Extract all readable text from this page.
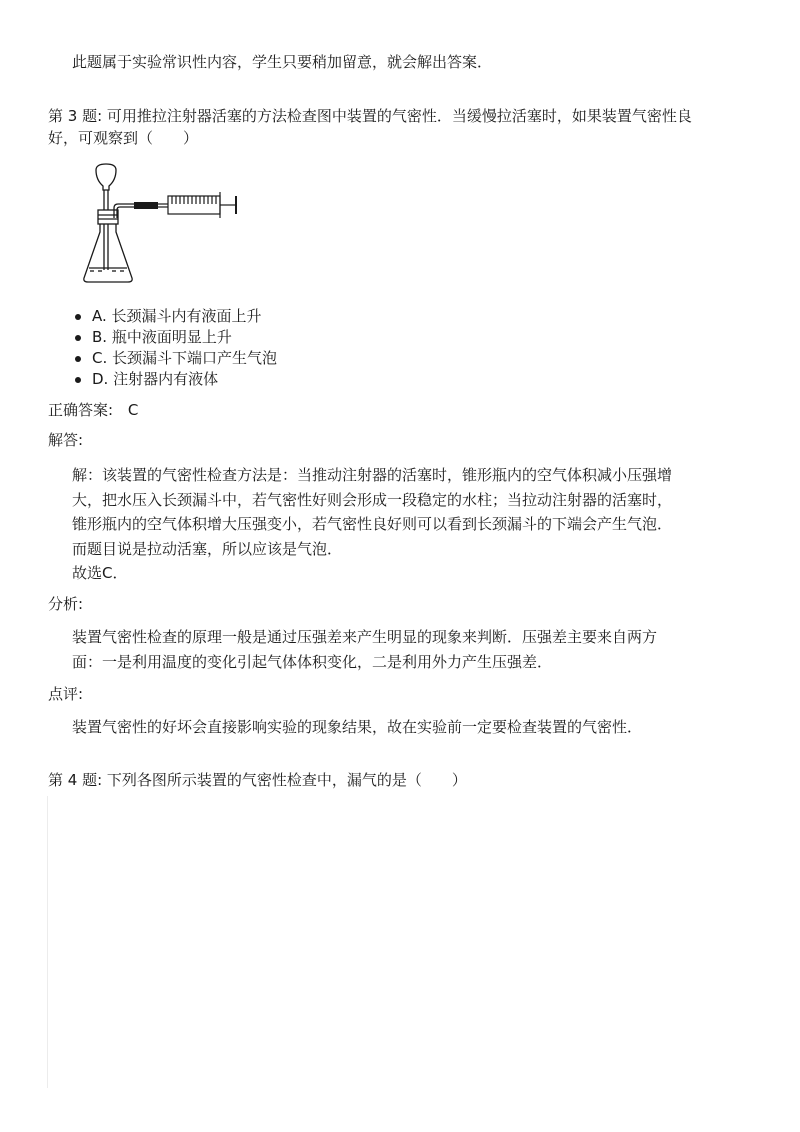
此题属于实验常识性内容，学生只要稍加留意，就会解出答案．
第 3 题: 可用推拉注射器活塞的方法检查图中装置的气密性．当缓慢拉活塞时，如果装置气密性良
好，可观察到（　　）
A. 长颈漏斗内有液面上升
B. 瓶中液面明显上升
C. 长颈漏斗下端口产生气泡
D. 注射器内有液体
正确答案: C
解答:
解：该装置的气密性检查方法是：当推动注射器的活塞时，锥形瓶内的空气体积减小压强增
大，把水压入长颈漏斗中，若气密性好则会形成一段稳定的水柱；当拉动注射器的活塞时，
锥形瓶内的空气体积增大压强变小，若气密性良好则可以看到长颈漏斗的下端会产生气泡．
而题目说是拉动活塞，所以应该是气泡．
故选C．
分析:
装置气密性检查的原理一般是通过压强差来产生明显的现象来判断．压强差主要来自两方
面：一是利用温度的变化引起气体体积变化，二是利用外力产生压强差．
点评:
装置气密性的好坏会直接影响实验的现象结果，故在实验前一定要检查装置的气密性．
第 4 题: 下列各图所示装置的气密性检查中，漏气的是（　　）
